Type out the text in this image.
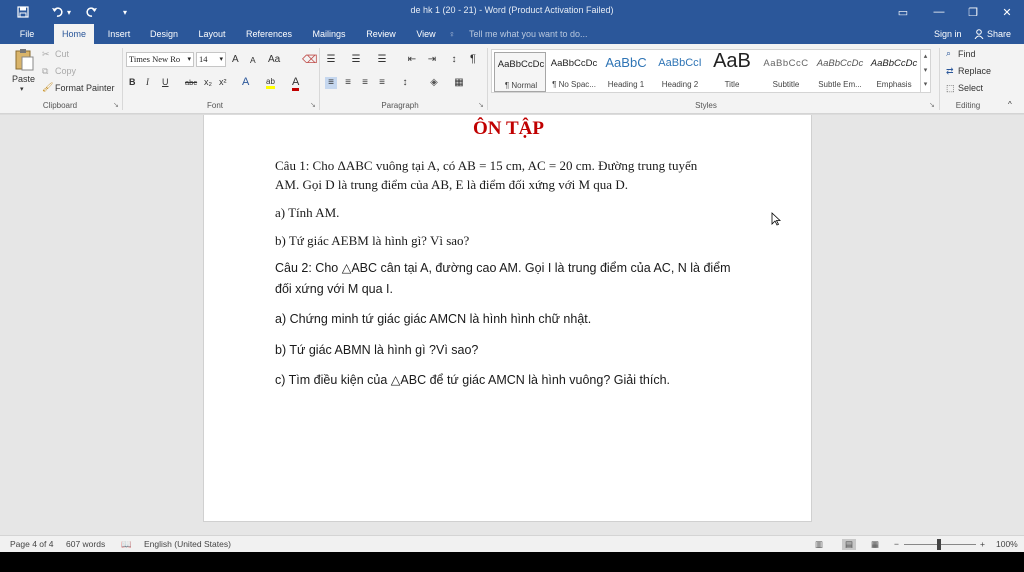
▾	▾	de hk 1 (20 - 21) - Word (Product Activation Failed)	▭	—	❐	✕
File	Home	Insert	Design	Layout	References	Mailings	Review	View	♀	Tell me what you want to do...	Sign in	Share
Paste
▾
✂ Cut
⧉ Copy
🖌 Format Painter
Clipboard	↘
Times New Ro ▾ 14 ▾ A A Aa ⌫
B I U abc x₂ x² A ab A
Font	↘
☰ ☰ ☰ ⇤ ⇥	↕	¶
≡	≡	≡	≡	↕	◈ ▦
Paragraph	↘
AaBbCcDc
¶ Normal
AaBbCcDc
¶ No Spac...
AaBbC
Heading 1
AaBbCcI
Heading 2
AaB
Title
AaBbCcC
Subtitle
AaBbCcDc
Subtle Em...
AaBbCcDc
Emphasis
▴
▾
▾
Styles	↘
⌕ Find
⇄ Replace
⬚ Select
Editing	^
ÔN TẬP
Câu 1: Cho ΔABC vuông tại A, có AB = 15 cm, AC = 20 cm. Đường trung tuyến
AM. Gọi D là trung điểm của AB, E là điểm đối xứng với M qua D.
a) Tính AM.
b) Tứ giác AEBM là hình gì? Vì sao?
Câu 2: Cho △ABC cân tại A, đường cao AM. Gọi I là trung điểm của AC, N là điểm
đối xứng với M qua I.
a) Chứng minh tứ giác giác AMCN là hình hình chữ nhật.
b) Tứ giác ABMN là hình gì ?Vì sao?
c) Tìm điều kiện của △ABC để tứ giác AMCN là hình vuông? Giải thích.
Page 4 of 4 607 words 📖 English (United States)	▥	▤	▦ −	+ 100%
